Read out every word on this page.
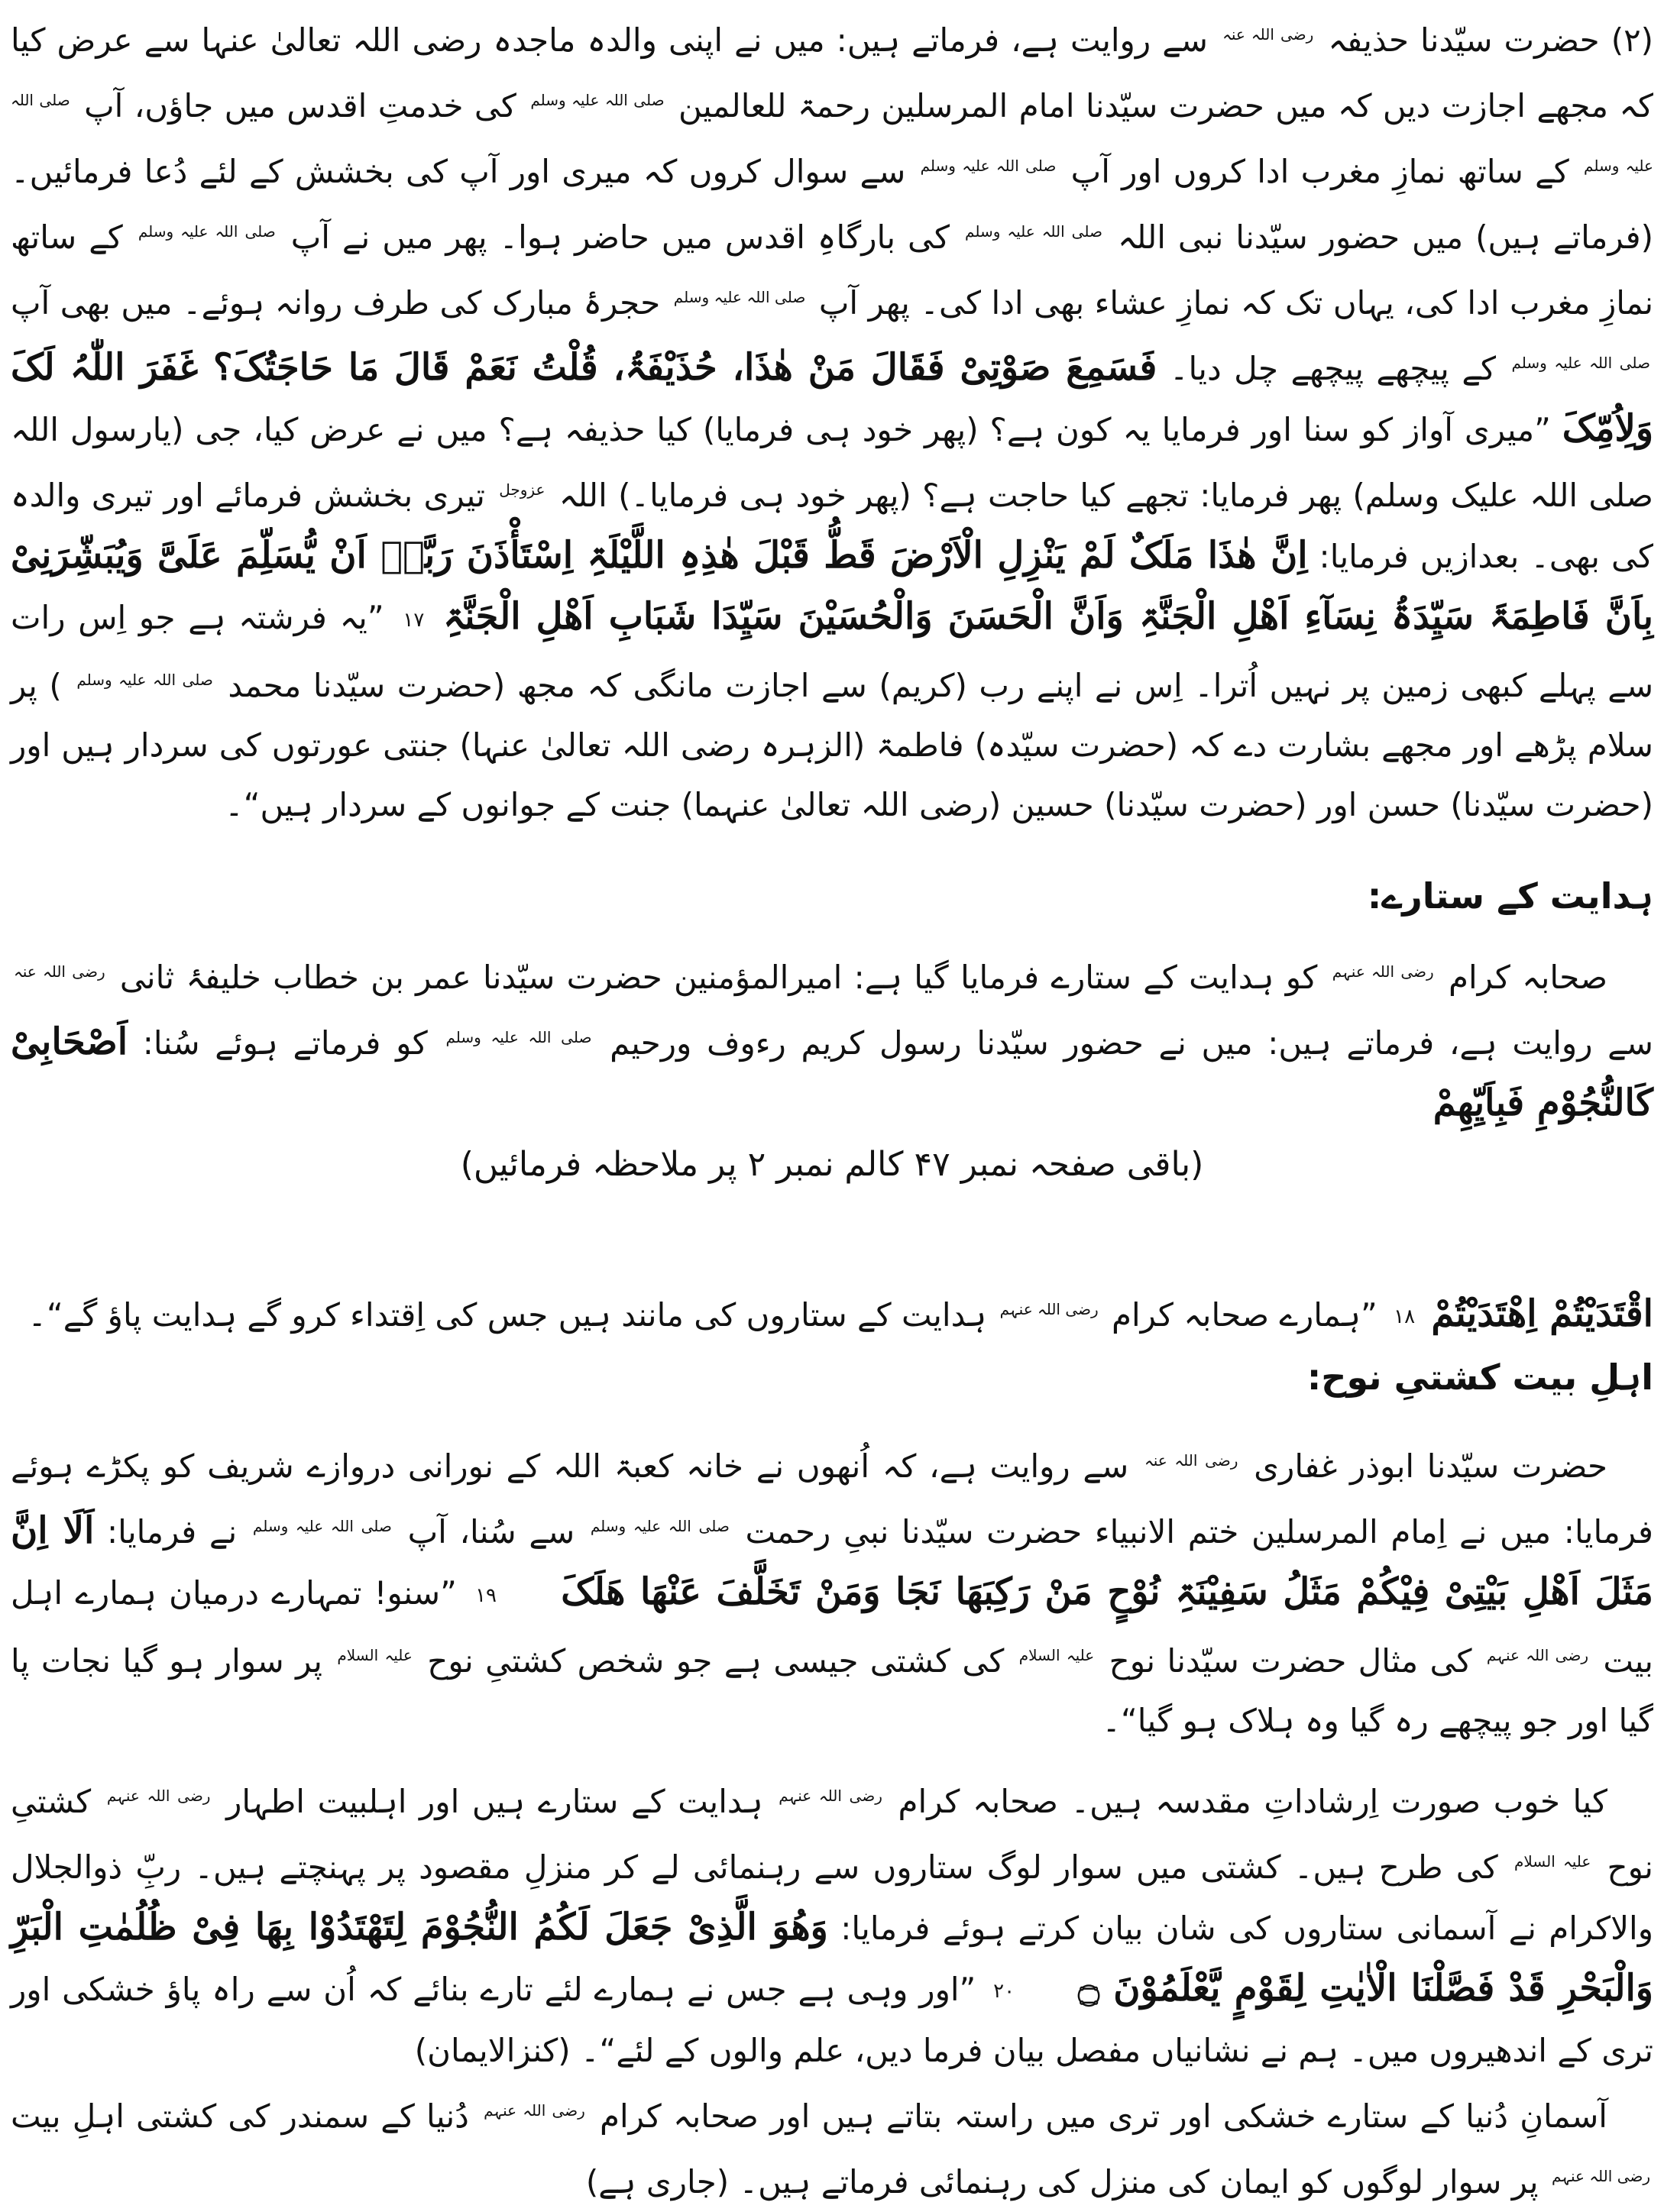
(۲) حضرت سیّدنا حذیفہ $^{رضی اللہ عنہ}$ سے روایت ہے، فرماتے ہیں: میں نے اپنی والدہ ماجدہ رضی اللہ تعالیٰ عنہا سے عرض کیا کہ مجھے اجازت دیں کہ میں حضرت سیّدنا امام المرسلین رحمۃ للعالمین $^{صلی اللہ علیہ وسلم}$ کی خدمتِ اقدس میں جاؤں، آپ $^{صلی اللہ علیہ وسلم}$ کے ساتھ نمازِ مغرب ادا کروں اور آپ $^{صلی اللہ علیہ وسلم}$ سے سوال کروں کہ میری اور آپ کی بخشش کے لئے دُعا فرمائیں۔ (فرماتے ہیں) میں حضور سیّدنا نبی اللہ $^{صلی اللہ علیہ وسلم}$ کی بارگاہِ اقدس میں حاضر ہوا۔ پھر میں نے آپ $^{صلی اللہ علیہ وسلم}$ کے ساتھ نمازِ مغرب ادا کی، یہاں تک کہ نمازِ عشاء بھی ادا کی۔ پھر آپ $^{صلی اللہ علیہ وسلم}$ حجرۂ مبارک کی طرف روانہ ہوئے۔ میں بھی آپ $^{صلی اللہ علیہ وسلم}$ کے پیچھے پیچھے چل دیا۔ فَسَمِعَ صَوْتِیْ فَقَالَ مَنْ ھٰذَا، حُذَیْفَۃُ، قُلْتُ نَعَمْ قَالَ مَا حَاجَتُکَ؟ غَفَرَ اللّٰہُ لَکَ وَلِاُمِّکَ ”میری آواز کو سنا اور فرمایا یہ کون ہے؟ (پھر خود ہی فرمایا) کیا حذیفہ ہے؟ میں نے عرض کیا، جی (یارسول اللہ صلی اللہ علیک وسلم) پھر فرمایا: تجھے کیا حاجت ہے؟ (پھر خود ہی فرمایا۔) اللہ $^{عزوجل}$ تیری بخشش فرمائے اور تیری والدہ کی بھی۔ بعدازیں فرمایا: اِنَّ ھٰذَا مَلَکٌ لَمْ یَنْزِلِ الْاَرْضَ قَطُّ قَبْلَ ھٰذِہِ اللَّیْلَۃِ اِسْتَأْذَنَ رَبَّہٗ اَنْ یُّسَلِّمَ عَلَیَّ وَیُبَشِّرَنِیْ بِاَنَّ فَاطِمَۃَ سَیِّدَۃُ نِسَآءِ اَھْلِ الْجَنَّۃِ وَاَنَّ الْحَسَنَ وَالْحُسَیْنَ سَیِّدَا شَبَابِ اَھْلِ الْجَنَّۃِ ۱۷ ”یہ فرشتہ ہے جو اِس رات سے پہلے کبھی زمین پر نہیں اُترا۔ اِس نے اپنے رب (کریم) سے اجازت مانگی کہ مجھ (حضرت سیّدنا محمد $^{صلی اللہ علیہ وسلم}$ ) پر سلام پڑھے اور مجھے بشارت دے کہ (حضرت سیّدہ) فاطمۃ (الزہرہ رضی اللہ تعالیٰ عنہا) جنتی عورتوں کی سردار ہیں اور (حضرت سیّدنا) حسن اور (حضرت سیّدنا) حسین (رضی اللہ تعالیٰ عنہما) جنت کے جوانوں کے سردار ہیں“۔

ہدایت کے ستارے:

صحابہ کرام $^{رضی اللہ عنہم}$ کو ہدایت کے ستارے فرمایا گیا ہے: امیرالمؤمنین حضرت سیّدنا عمر بن خطاب خلیفۂ ثانی $^{رضی اللہ عنہ}$ سے روایت ہے، فرماتے ہیں: میں نے حضور سیّدنا رسول کریم رءوف ورحیم $^{صلی اللہ علیہ وسلم}$ کو فرماتے ہوئے سُنا: اَصْحَابِیْ کَالنُّجُوْمِ فَبِاَیِّھِمْ

(باقی صفحہ نمبر ۴۷ کالم نمبر ۲ پر ملاحظہ فرمائیں)

اقْتَدَیْتُمْ اِھْتَدَیْتُمْ ۱۸ ”ہمارے صحابہ کرام $^{رضی اللہ عنہم}$ ہدایت کے ستاروں کی مانند ہیں جس کی اِقتداء کرو گے ہدایت پاؤ گے“۔

اہلِ بیت کشتیِ نوح:

حضرت سیّدنا ابوذر غفاری $^{رضی اللہ عنہ}$ سے روایت ہے، کہ اُنھوں نے خانہ کعبۃ اللہ کے نورانی دروازے شریف کو پکڑے ہوئے فرمایا: میں نے اِمام المرسلین ختم الانبیاء حضرت سیّدنا نبیِ رحمت $^{صلی اللہ علیہ وسلم}$ سے سُنا، آپ $^{صلی اللہ علیہ وسلم}$ نے فرمایا: اَلَا اِنَّ مَثَلَ اَھْلِ بَیْتِیْ فِیْکُمْ مَثَلُ سَفِیْنَۃِ نُوْحٍ مَنْ رَکِبَھَا نَجَا وَمَنْ تَخَلَّفَ عَنْھَا ھَلَکَ ۱۹ ”سنو! تمہارے درمیان ہمارے اہل بیت $^{رضی اللہ عنہم}$ کی مثال حضرت سیّدنا نوح $^{علیہ السلام}$ کی کشتی جیسی ہے جو شخص کشتیِ نوح $^{علیہ السلام}$ پر سوار ہو گیا نجات پا گیا اور جو پیچھے رہ گیا وہ ہلاک ہو گیا“۔

کیا خوب صورت اِرشاداتِ مقدسہ ہیں۔ صحابہ کرام $^{رضی اللہ عنہم}$ ہدایت کے ستارے ہیں اور اہلبیت اطہار $^{رضی اللہ عنہم}$ کشتیِ نوح $^{علیہ السلام}$ کی طرح ہیں۔ کشتی میں سوار لوگ ستاروں سے رہنمائی لے کر منزلِ مقصود پر پہنچتے ہیں۔ ربِّ ذوالجلال والاکرام نے آسمانی ستاروں کی شان بیان کرتے ہوئے فرمایا: وَھُوَ الَّذِیْ جَعَلَ لَکُمُ النُّجُوْمَ لِتَھْتَدُوْا بِھَا فِیْ ظُلُمٰتِ الْبَرِّ وَالْبَحْرِ قَدْ فَصَّلْنَا الْاٰیٰتِ لِقَوْمٍ یَّعْلَمُوْنَ ۝ ۲۰ ”اور وہی ہے جس نے ہمارے لئے تارے بنائے کہ اُن سے راہ پاؤ خشکی اور تری کے اندھیروں میں۔ ہم نے نشانیاں مفصل بیان فرما دیں، علم والوں کے لئے“۔ (کنزالایمان)

آسمانِ دُنیا کے ستارے خشکی اور تری میں راستہ بتاتے ہیں اور صحابہ کرام $^{رضی اللہ عنہم}$ دُنیا کے سمندر کی کشتی اہلِ بیت $^{رضی اللہ عنہم}$ پر سوار لوگوں کو ایمان کی منزل کی رہنمائی فرماتے ہیں۔ (جاری ہے)
